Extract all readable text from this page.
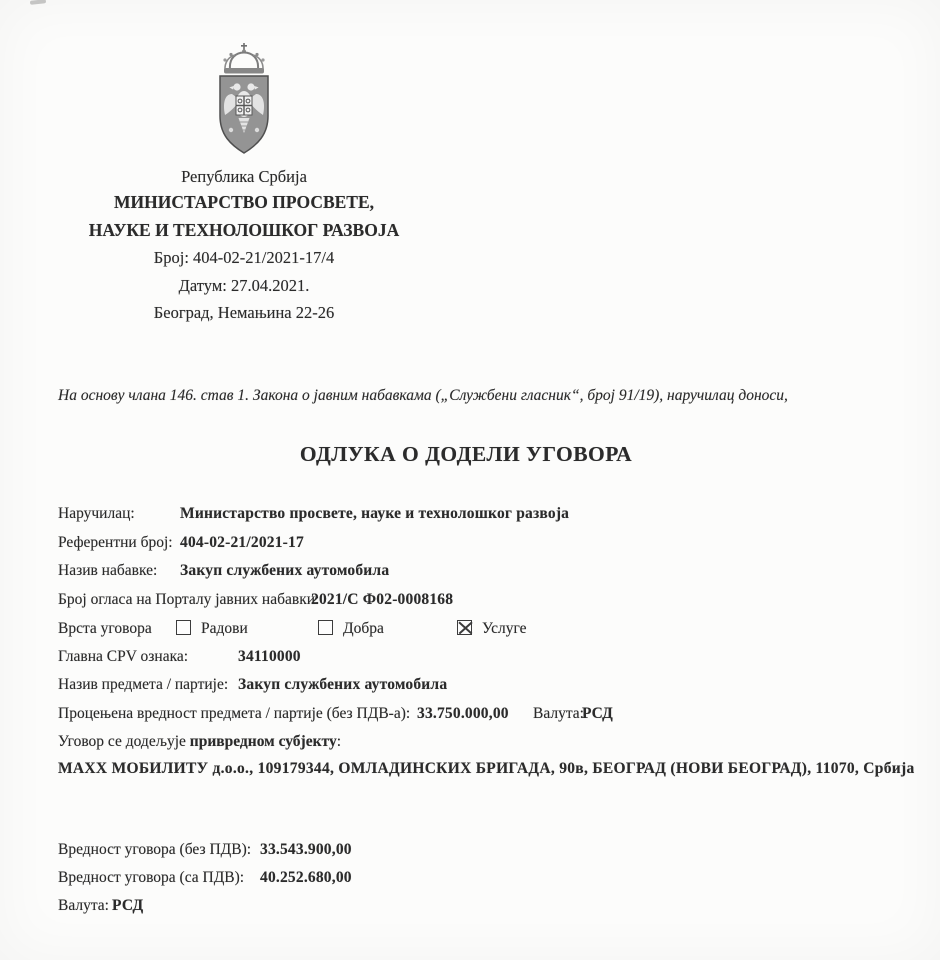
Република Србија
МИНИСТАРСТВО ПРОСВЕТЕ,
НАУКЕ И ТЕХНОЛОШКОГ РАЗВОЈА
Број: 404-02-21/2021-17/4
Датум: 27.04.2021.
Београд, Немањина 22-26
На основу члана 146. став 1. Закона о јавним набавкама („Службени гласник“, број 91/19), наручилац доноси,
ОДЛУКА О ДОДЕЛИ УГОВОРА
Наручилац:	Министарство просвете, науке и технолошког развоја
Референтни број: 404-02-21/2021-17
Назив набавке: Закуп службених аутомобила
Број огласа на Порталу јавних набавки:
2021/С Ф02-0008168
Врста уговора	Радови	Добра	Услуге
Главна CPV ознака:	34110000
Назив предмета / партије: Закуп службених аутомобила
Процењена вредност предмета / партије (без ПДВ-а): 33.750.000,00 Валута:
РСД
Уговор се додељује привредном субјекту:
МАХХ МОБИЛИТУ д.о.о., 109179344, ОМЛАДИНСКИХ БРИГАДА, 90в, БЕОГРАД (НОВИ БЕОГРАД), 11070, Србија
Вредност уговора (без ПДВ): 33.543.900,00
Вредност уговора (са ПДВ): 40.252.680,00
Валута: РСД
